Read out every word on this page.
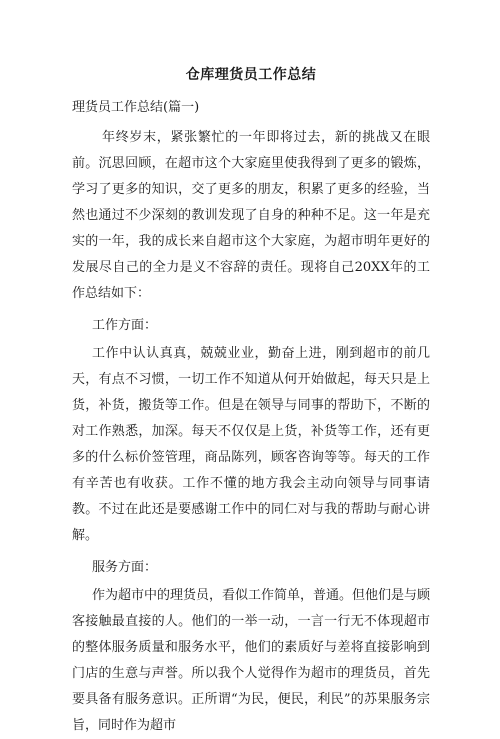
仓库理货员工作总结
理货员工作总结(篇一)

年终岁末，紧张繁忙的一年即将过去，新的挑战又在眼前。沉思回顾，在超市这个大家庭里使我得到了更多的锻炼，学习了更多的知识，交了更多的朋友，积累了更多的经验，当然也通过不少深刻的教训发现了自身的种种不足。这一年是充实的一年，我的成长来自超市这个大家庭，为超市明年更好的发展尽自己的全力是义不容辞的责任。现将自己20XX年的工作总结如下：

工作方面：

工作中认认真真，兢兢业业，勤奋上进，刚到超市的前几天，有点不习惯，一切工作不知道从何开始做起，每天只是上货，补货，搬货等工作。但是在领导与同事的帮助下，不断的对工作熟悉，加深。每天不仅仅是上货，补货等工作，还有更多的什么标价签管理，商品陈列，顾客咨询等等。每天的工作有辛苦也有收获。工作不懂的地方我会主动向领导与同事请教。不过在此还是要感谢工作中的同仁对与我的帮助与耐心讲解。

服务方面：

作为超市中的理货员，看似工作简单，普通。但他们是与顾客接触最直接的人。他们的一举一动，一言一行无不体现超市的整体服务质量和服务水平，他们的素质好与差将直接影响到门店的生意与声誉。所以我个人觉得作为超市的理货员，首先要具备有服务意识。正所谓“为民，便民，利民”的苏果服务宗旨，同时作为超市
